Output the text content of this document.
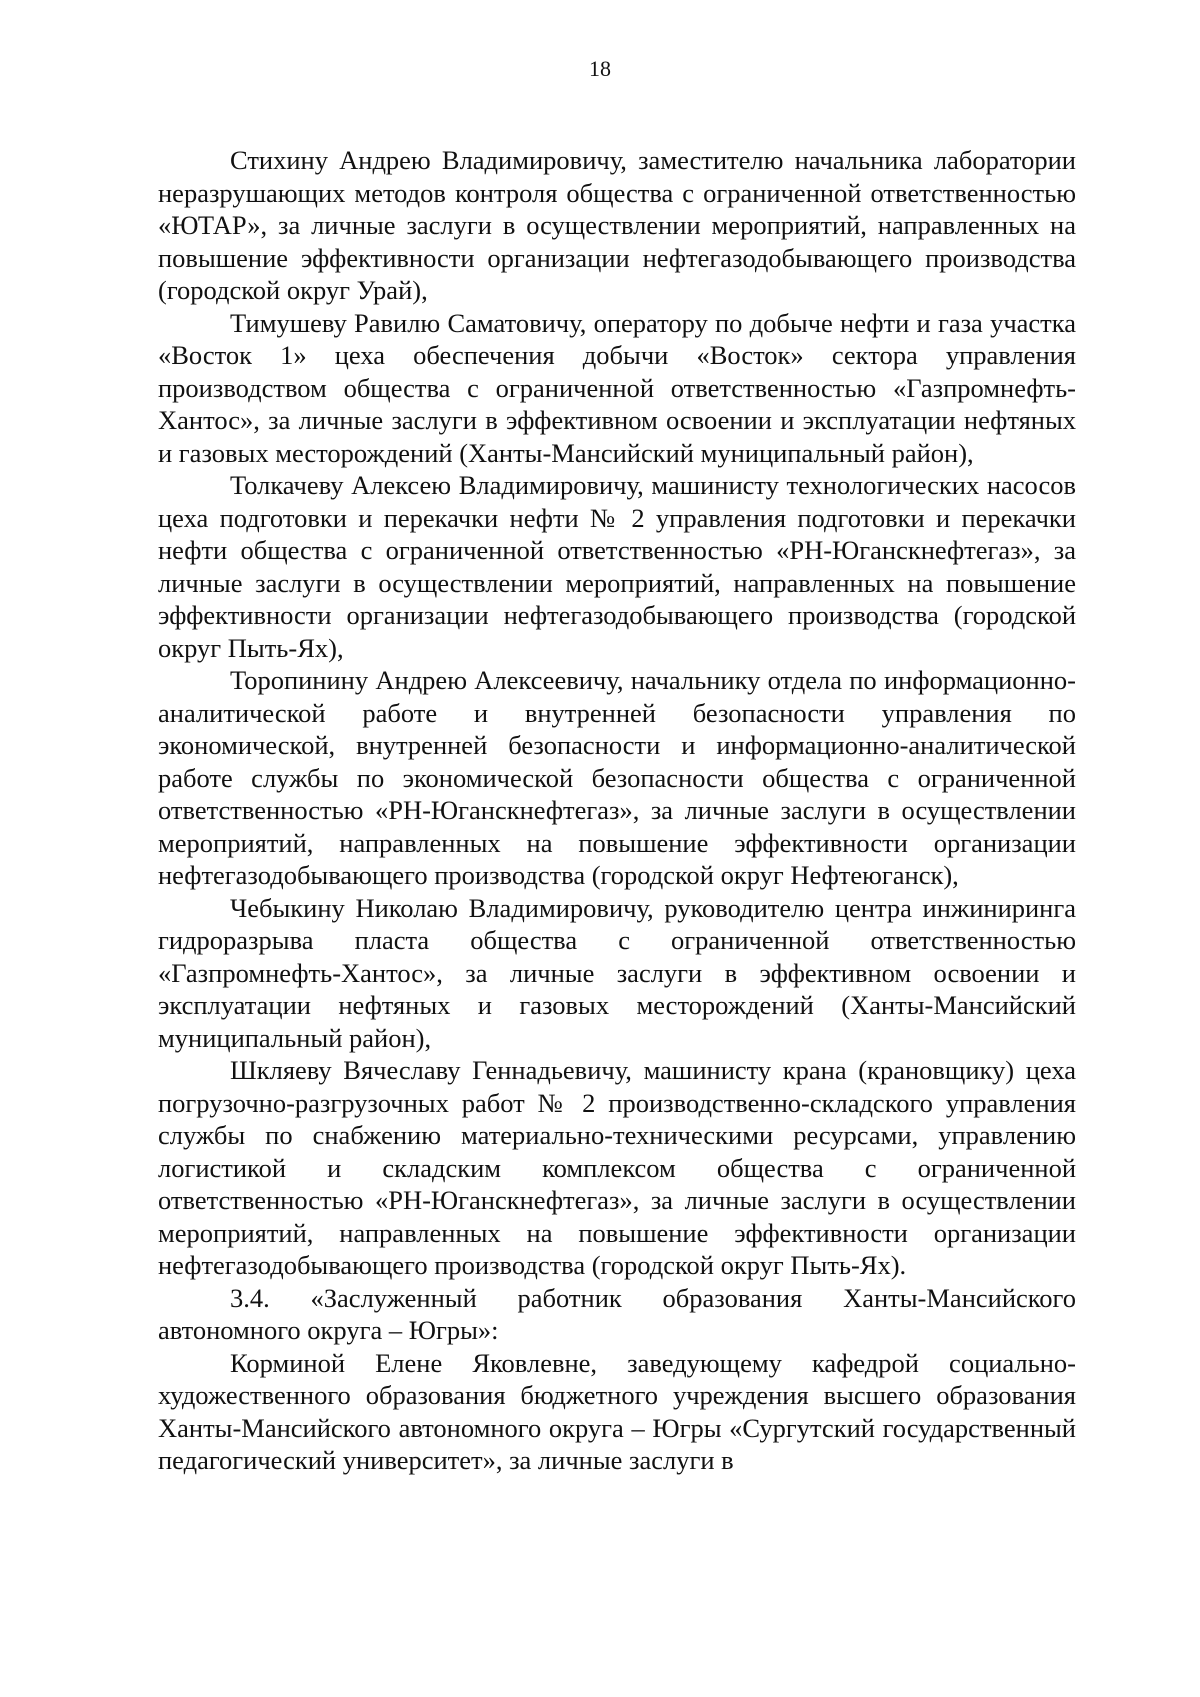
18

Стихину Андрею Владимировичу, заместителю начальника лаборатории неразрушающих методов контроля общества с ограниченной ответственностью «ЮТАР», за личные заслуги в осуществлении мероприятий, направленных на повышение эффективности организации нефтегазодобывающего производства (городской округ Урай),

Тимушеву Равилю Саматовичу, оператору по добыче нефти и газа участка «Восток 1» цеха обеспечения добычи «Восток» сектора управления производством общества с ограниченной ответственностью «Газпромнефть-Хантос», за личные заслуги в эффективном освоении и эксплуатации нефтяных и газовых месторождений (Ханты-Мансийский муниципальный район),

Толкачеву Алексею Владимировичу, машинисту технологических насосов цеха подготовки и перекачки нефти № 2 управления подготовки и перекачки нефти общества с ограниченной ответственностью «РН-Юганскнефтегаз», за личные заслуги в осуществлении мероприятий, направленных на повышение эффективности организации нефтегазодобывающего производства (городской округ Пыть-Ях),

Торопинину Андрею Алексеевичу, начальнику отдела по информационно-аналитической работе и внутренней безопасности управления по экономической, внутренней безопасности и информационно-аналитической работе службы по экономической безопасности общества с ограниченной ответственностью «РН-Юганскнефтегаз», за личные заслуги в осуществлении мероприятий, направленных на повышение эффективности организации нефтегазодобывающего производства (городской округ Нефтеюганск),

Чебыкину Николаю Владимировичу, руководителю центра инжиниринга гидроразрыва пласта общества с ограниченной ответственностью «Газпромнефть-Хантос», за личные заслуги в эффективном освоении и эксплуатации нефтяных и газовых месторождений (Ханты-Мансийский муниципальный район),

Шкляеву Вячеславу Геннадьевичу, машинисту крана (крановщику) цеха погрузочно-разгрузочных работ № 2 производственно-складского управления службы по снабжению материально-техническими ресурсами, управлению логистикой и складским комплексом общества с ограниченной ответственностью «РН-Юганскнефтегаз», за личные заслуги в осуществлении мероприятий, направленных на повышение эффективности организации нефтегазодобывающего производства (городской округ Пыть-Ях).

3.4. «Заслуженный работник образования Ханты-Мансийского автономного округа – Югры»:

Корминой Елене Яковлевне, заведующему кафедрой социально-художественного образования бюджетного учреждения высшего образования Ханты-Мансийского автономного округа – Югры «Сургутский государственный педагогический университет», за личные заслуги в
